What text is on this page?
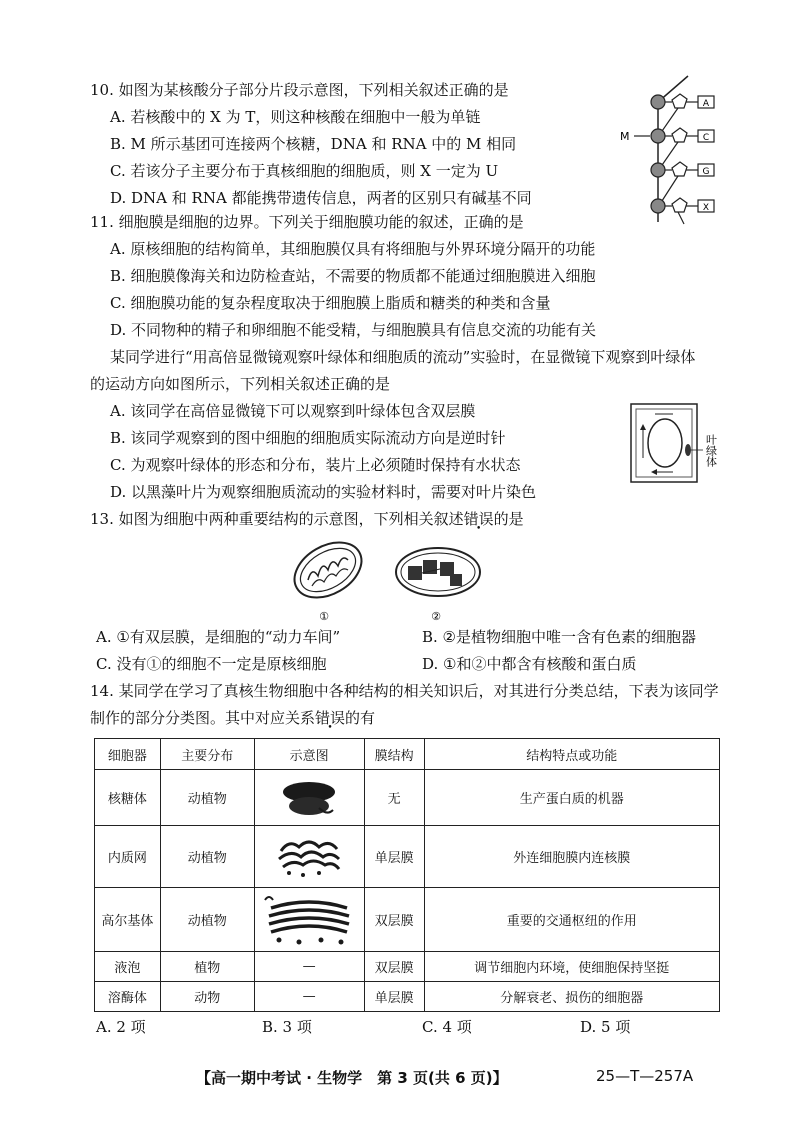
10. 如图为某核酸分子部分片段示意图，下列相关叙述正确的是
A. 若核酸中的 X 为 T，则这种核酸在细胞中一般为单链
B. M 所示基团可连接两个核糖，DNA 和 RNA 中的 M 相同
C. 若该分子主要分布于真核细胞的细胞质，则 X 一定为 U
D. DNA 和 RNA 都能携带遗传信息，两者的区别只有碱基不同
M
A
C
G
X
11. 细胞膜是细胞的边界。下列关于细胞膜功能的叙述，正确的是
A. 原核细胞的结构简单，其细胞膜仅具有将细胞与外界环境分隔开的功能
B. 细胞膜像海关和边防检查站，不需要的物质都不能通过细胞膜进入细胞
C. 细胞膜功能的复杂程度取决于细胞膜上脂质和糖类的种类和含量
D. 不同物种的精子和卵细胞不能受精，与细胞膜具有信息交流的功能有关
某同学进行“用高倍显微镜观察叶绿体和细胞质的流动”实验时，在显微镜下观察到叶绿体
的运动方向如图所示，下列相关叙述正确的是
A. 该同学在高倍显微镜下可以观察到叶绿体包含双层膜
B. 该同学观察到的图中细胞的细胞质实际流动方向是逆时针
C. 为观察叶绿体的形态和分布，装片上必须随时保持有水状态
D. 以黑藻叶片为观察细胞质流动的实验材料时，需要对叶片染色
叶绿体
13. 如图为细胞中两种重要结构的示意图，下列相关叙述错误的是
①	②
A. ①有双层膜，是细胞的“动力车间”	B. ②是植物细胞中唯一含有色素的细胞器
C. 没有①的细胞不一定是原核细胞	D. ①和②中都含有核酸和蛋白质
14. 某同学在学习了真核生物细胞中各种结构的相关知识后，对其进行分类总结，下表为该同学
制作的部分分类图。其中对应关系错误的有
细胞器	主要分布	示意图	膜结构	结构特点或功能
核糖体	动植物		无	生产蛋白质的机器
内质网	动植物		单层膜	外连细胞膜内连核膜
高尔基体	动植物		双层膜	重要的交通枢纽的作用
液泡	植物	—	双层膜	调节细胞内环境，使细胞保持坚挺
溶酶体	动物	—	单层膜	分解衰老、损伤的细胞器
A. 2 项	B. 3 项	C. 4 项	D. 5 项
【高一期中考试 · 生物学　第 3 页(共 6 页)】	25—T—257A
